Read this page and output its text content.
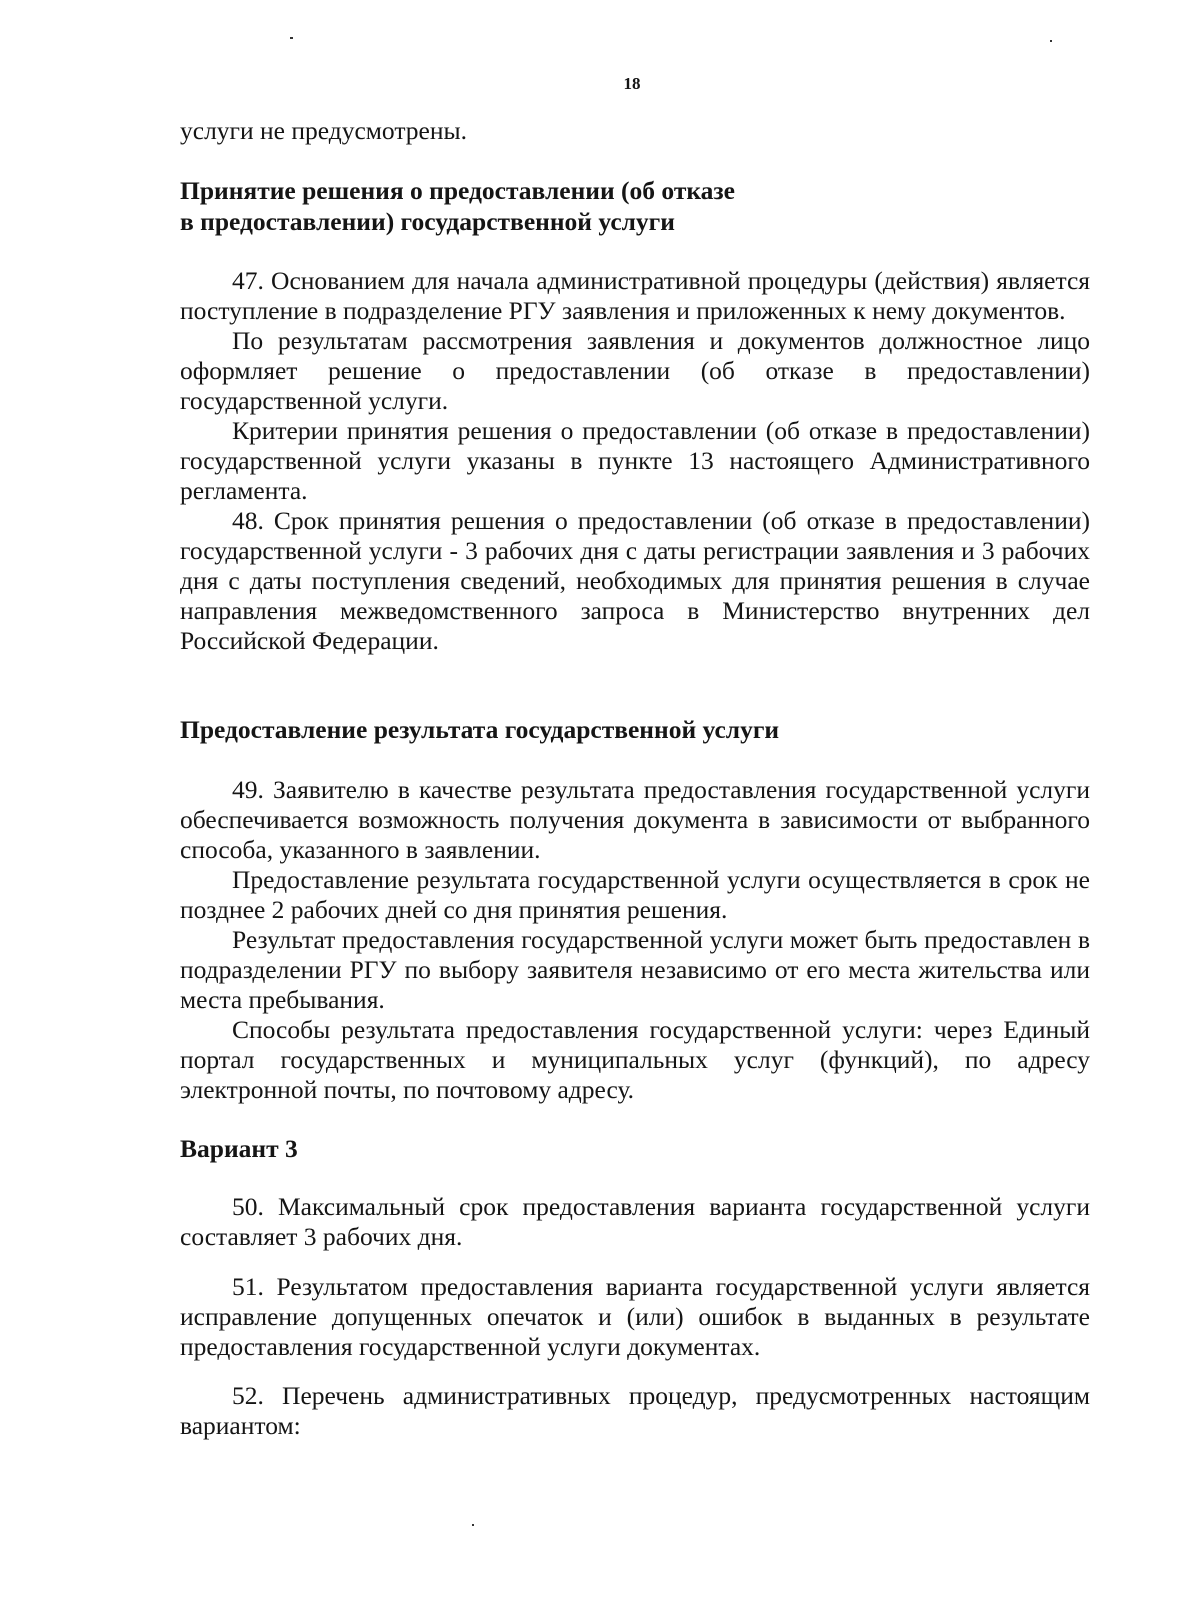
18

услуги не предусмотрены.

Принятие решения о предоставлении (об отказе

в предоставлении) государственной услуги

47. Основанием для начала административной процедуры (действия) является поступление в подразделение РГУ заявления и приложенных к нему документов.

По результатам рассмотрения заявления и документов должностное лицо оформляет решение о предоставлении (об отказе в предоставлении) государственной услуги.

Критерии принятия решения о предоставлении (об отказе в предоставлении) государственной услуги указаны в пункте 13 настоящего Административного регламента.

48. Срок принятия решения о предоставлении (об отказе в предоставлении) государственной услуги - 3 рабочих дня с даты регистрации заявления и 3 рабочих дня с даты поступления сведений, необходимых для принятия решения в случае направления межведомственного запроса в Министерство внутренних дел Российской Федерации.

Предоставление результата государственной услуги

49. Заявителю в качестве результата предоставления государственной услуги обеспечивается возможность получения документа в зависимости от выбранного способа, указанного в заявлении.

Предоставление результата государственной услуги осуществляется в срок не позднее 2 рабочих дней со дня принятия решения.

Результат предоставления государственной услуги может быть предоставлен в подразделении РГУ по выбору заявителя независимо от его места жительства или места пребывания.

Способы результата предоставления государственной услуги: через Единый портал государственных и муниципальных услуг (функций), по адресу электронной почты, по почтовому адресу.

Вариант 3

50. Максимальный срок предоставления варианта государственной услуги составляет 3 рабочих дня.

51. Результатом предоставления варианта государственной услуги является исправление допущенных опечаток и (или) ошибок в выданных в результате предоставления государственной услуги документах.

52. Перечень административных процедур, предусмотренных настоящим вариантом:
